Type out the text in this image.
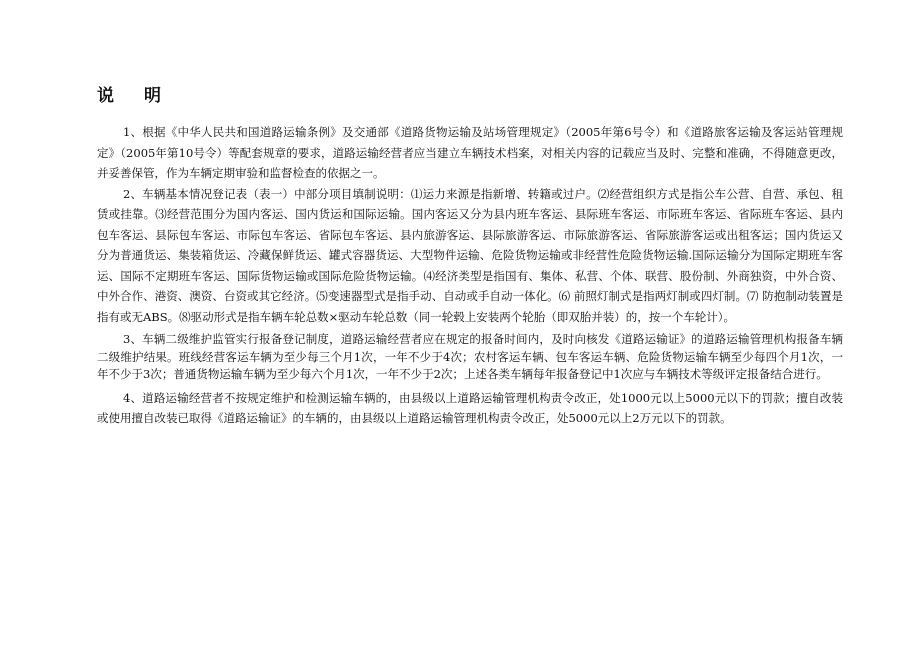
说明

1、根据《中华人民共和国道路运输条例》及交通部《道路货物运输及站场管理规定》（2005年第6号令）和《道路旅客运输及客运站管理规定》（2005年第10号令）等配套规章的要求，道路运输经营者应当建立车辆技术档案，对相关内容的记载应当及时、完整和准确，不得随意更改，并妥善保管，作为车辆定期审验和监督检查的依据之一。

2、车辆基本情况登记表（表一）中部分项目填制说明：⑴运力来源是指新增、转籍或过户。⑵经营组织方式是指公车公营、自营、承包、租赁或挂靠。⑶经营范围分为国内客运、国内货运和国际运输。国内客运又分为县内班车客运、县际班车客运、市际班车客运、省际班车客运、县内包车客运、县际包车客运、市际包车客运、省际包车客运、县内旅游客运、县际旅游客运、市际旅游客运、省际旅游客运或出租客运；国内货运又分为普通货运、集装箱货运、冷藏保鲜货运、罐式容器货运、大型物件运输、危险货物运输或非经营性危险货物运输.国际运输分为国际定期班车客运、国际不定期班车客运、国际货物运输或国际危险货物运输。⑷经济类型是指国有、集体、私营、个体、联营、股份制、外商独资，中外合资、中外合作、港资、澳资、台资或其它经济。⑸变速器型式是指手动、自动或手自动一体化。⑹ 前照灯制式是指两灯制或四灯制。⑺ 防抱制动装置是指有或无ABS。⑻驱动形式是指车辆车轮总数×驱动车轮总数（同一轮毂上安装两个轮胎（即双胎并装）的，按一个车轮计）。

3、车辆二级维护监管实行报备登记制度，道路运输经营者应在规定的报备时间内，及时向核发《道路运输证》的道路运输管理机构报备车辆二级维护结果。班线经营客运车辆为至少每三个月1次，一年不少于4次；农村客运车辆、包车客运车辆、危险货物运输车辆至少每四个月1次，一年不少于3次；普通货物运输车辆为至少每六个月1次，一年不少于2次；上述各类车辆每年报备登记中1次应与车辆技术等级评定报备结合进行。

4、道路运输经营者不按规定维护和检测运输车辆的，由县级以上道路运输管理机构责令改正，处1000元以上5000元以下的罚款；擅自改装或使用擅自改装已取得《道路运输证》的车辆的，由县级以上道路运输管理机构责令改正，处5000元以上2万元以下的罚款。
